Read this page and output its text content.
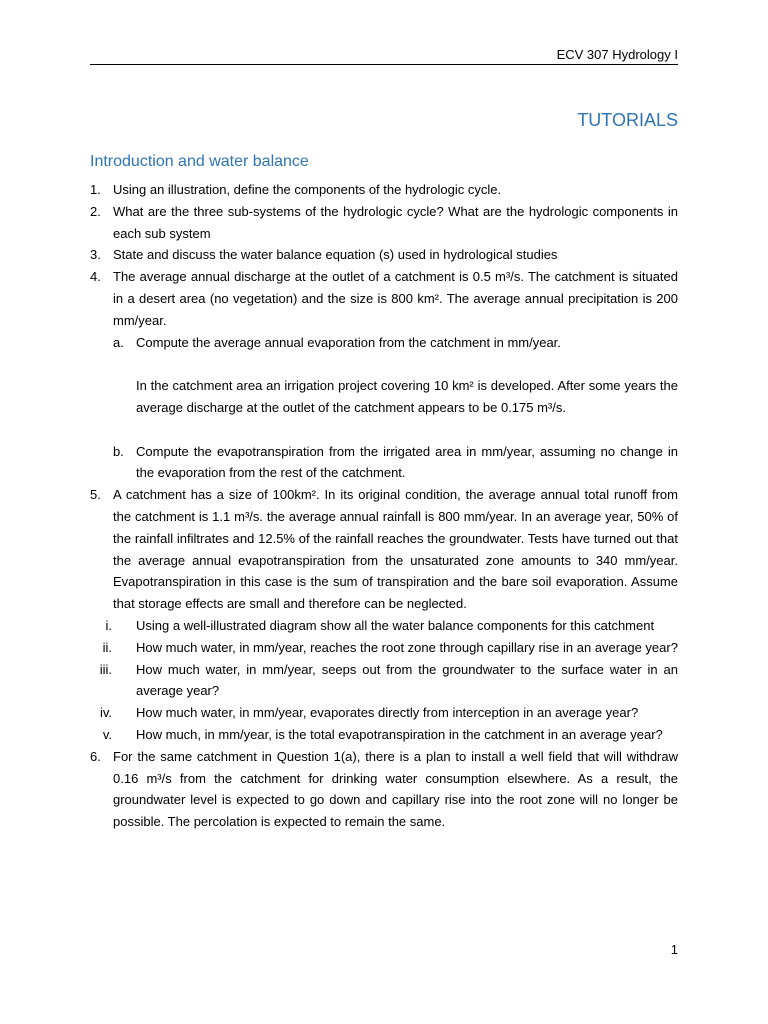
ECV 307 Hydrology I
TUTORIALS
Introduction and water balance
1. Using an illustration, define the components of the hydrologic cycle.
2. What are the three sub-systems of the hydrologic cycle? What are the hydrologic components in each sub system
3. State and discuss the water balance equation (s) used in hydrological studies
4. The average annual discharge at the outlet of a catchment is 0.5 m³/s. The catchment is situated in a desert area (no vegetation) and the size is 800 km². The average annual precipitation is 200 mm/year.
a. Compute the average annual evaporation from the catchment in mm/year.
In the catchment area an irrigation project covering 10 km² is developed. After some years the average discharge at the outlet of the catchment appears to be 0.175 m³/s.
b. Compute the evapotranspiration from the irrigated area in mm/year, assuming no change in the evaporation from the rest of the catchment.
5. A catchment has a size of 100km². In its original condition, the average annual total runoff from the catchment is 1.1 m³/s. the average annual rainfall is 800 mm/year. In an average year, 50% of the rainfall infiltrates and 12.5% of the rainfall reaches the groundwater. Tests have turned out that the average annual evapotranspiration from the unsaturated zone amounts to 340 mm/year. Evapotranspiration in this case is the sum of transpiration and the bare soil evaporation. Assume that storage effects are small and therefore can be neglected.
i. Using a well-illustrated diagram show all the water balance components for this catchment
ii. How much water, in mm/year, reaches the root zone through capillary rise in an average year?
iii. How much water, in mm/year, seeps out from the groundwater to the surface water in an average year?
iv. How much water, in mm/year, evaporates directly from interception in an average year?
v. How much, in mm/year, is the total evapotranspiration in the catchment in an average year?
6. For the same catchment in Question 1(a), there is a plan to install a well field that will withdraw 0.16 m³/s from the catchment for drinking water consumption elsewhere. As a result, the groundwater level is expected to go down and capillary rise into the root zone will no longer be possible. The percolation is expected to remain the same.
1
